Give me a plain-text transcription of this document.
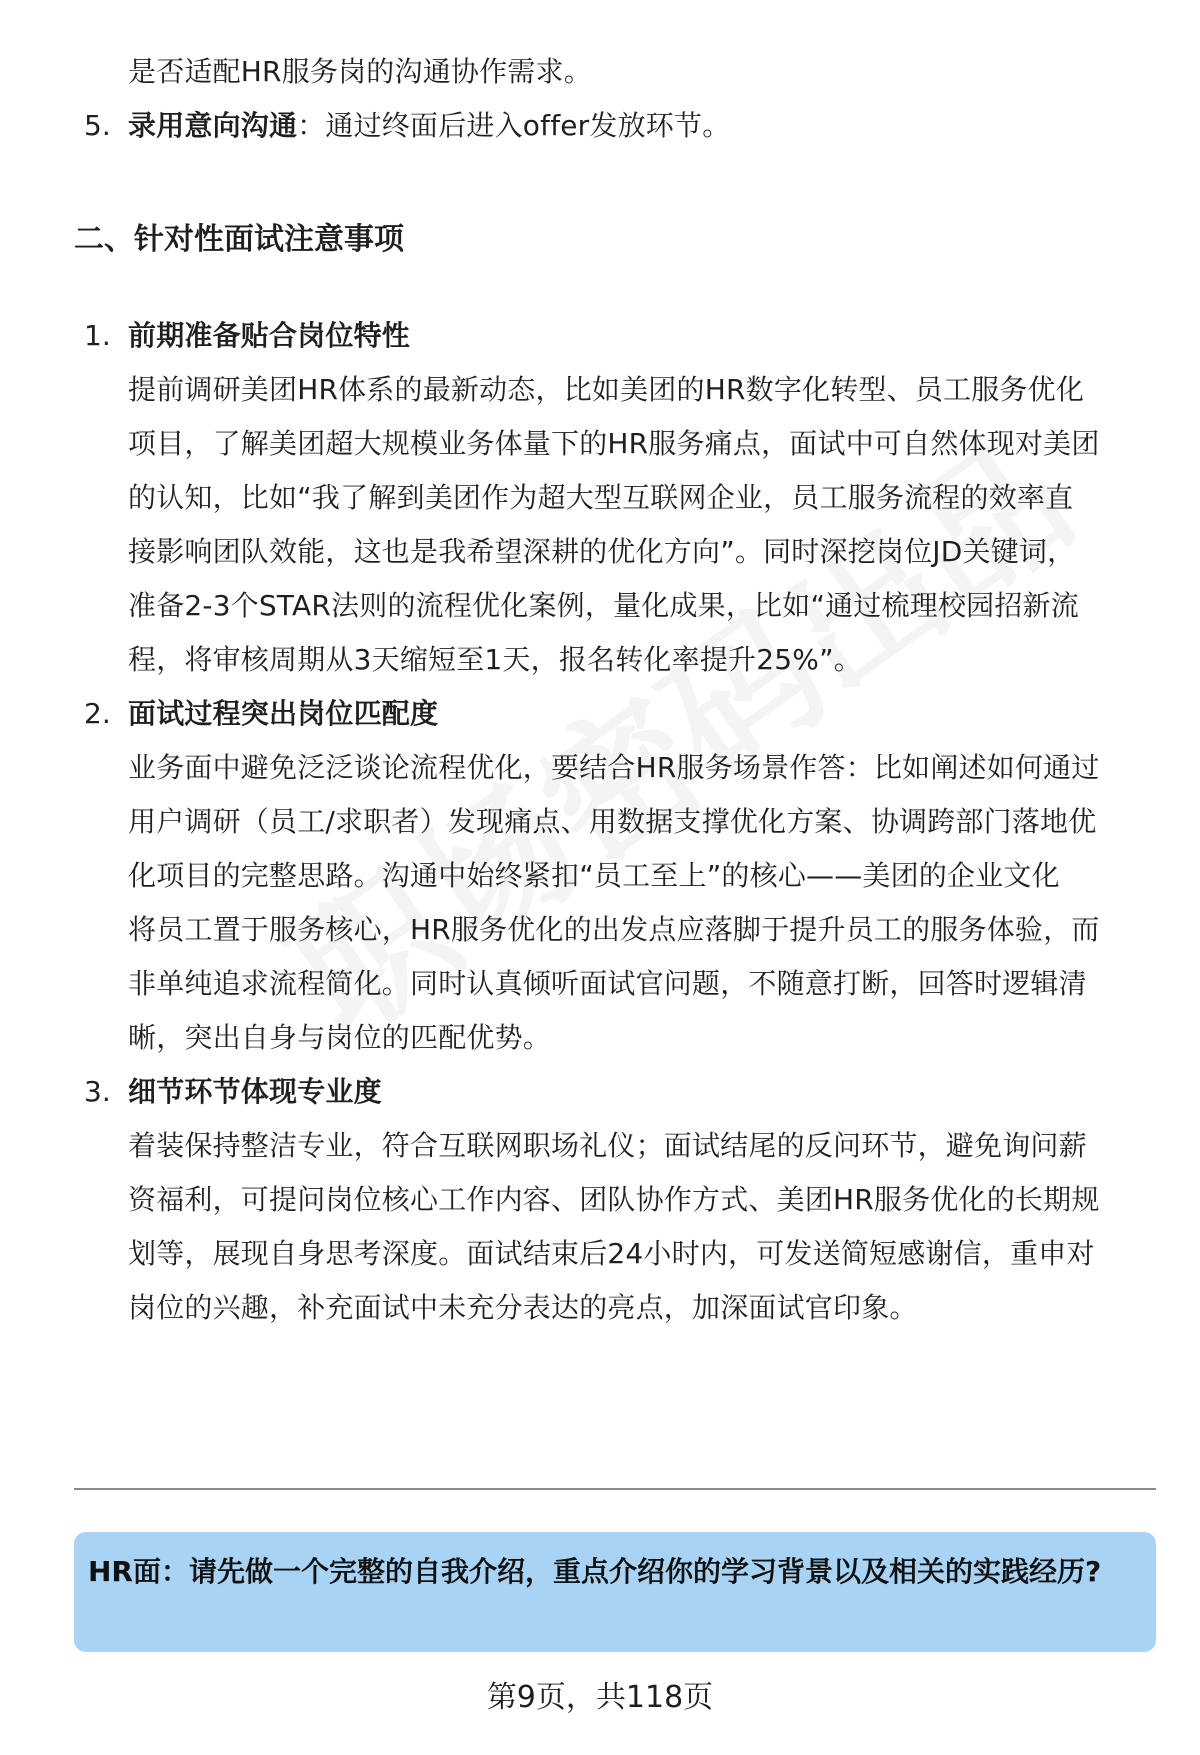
是否适配HR服务岗的沟通协作需求。
5. 录用意向沟通：通过终面后进入offer发放环节。
二、针对性面试注意事项
1. 前期准备贴合岗位特性
提前调研美团HR体系的最新动态，比如美团的HR数字化转型、员工服务优化
项目，了解美团超大规模业务体量下的HR服务痛点，面试中可自然体现对美团
的认知，比如“我了解到美团作为超大型互联网企业，员工服务流程的效率直
接影响团队效能，这也是我希望深耕的优化方向”。同时深挖岗位JD关键词，
准备2-3个STAR法则的流程优化案例，量化成果，比如“通过梳理校园招新流
程，将审核周期从3天缩短至1天，报名转化率提升25%”。
2. 面试过程突出岗位匹配度
业务面中避免泛泛谈论流程优化，要结合HR服务场景作答：比如阐述如何通过
用户调研（员工/求职者）发现痛点、用数据支撑优化方案、协调跨部门落地优
化项目的完整思路。沟通中始终紧扣“员工至上”的核心——美团的企业文化
将员工置于服务核心，HR服务优化的出发点应落脚于提升员工的服务体验，而
非单纯追求流程简化。同时认真倾听面试官问题，不随意打断，回答时逻辑清
晰，突出自身与岗位的匹配优势。
3. 细节环节体现专业度
着装保持整洁专业，符合互联网职场礼仪；面试结尾的反问环节，避免询问薪
资福利，可提问岗位核心工作内容、团队协作方式、美团HR服务优化的长期规
划等，展现自身思考深度。面试结束后24小时内，可发送简短感谢信，重申对
岗位的兴趣，补充面试中未充分表达的亮点，加深面试官印象。
HR面：请先做一个完整的自我介绍，重点介绍你的学习背景以及相关的实践经历?
第9页，共118页
